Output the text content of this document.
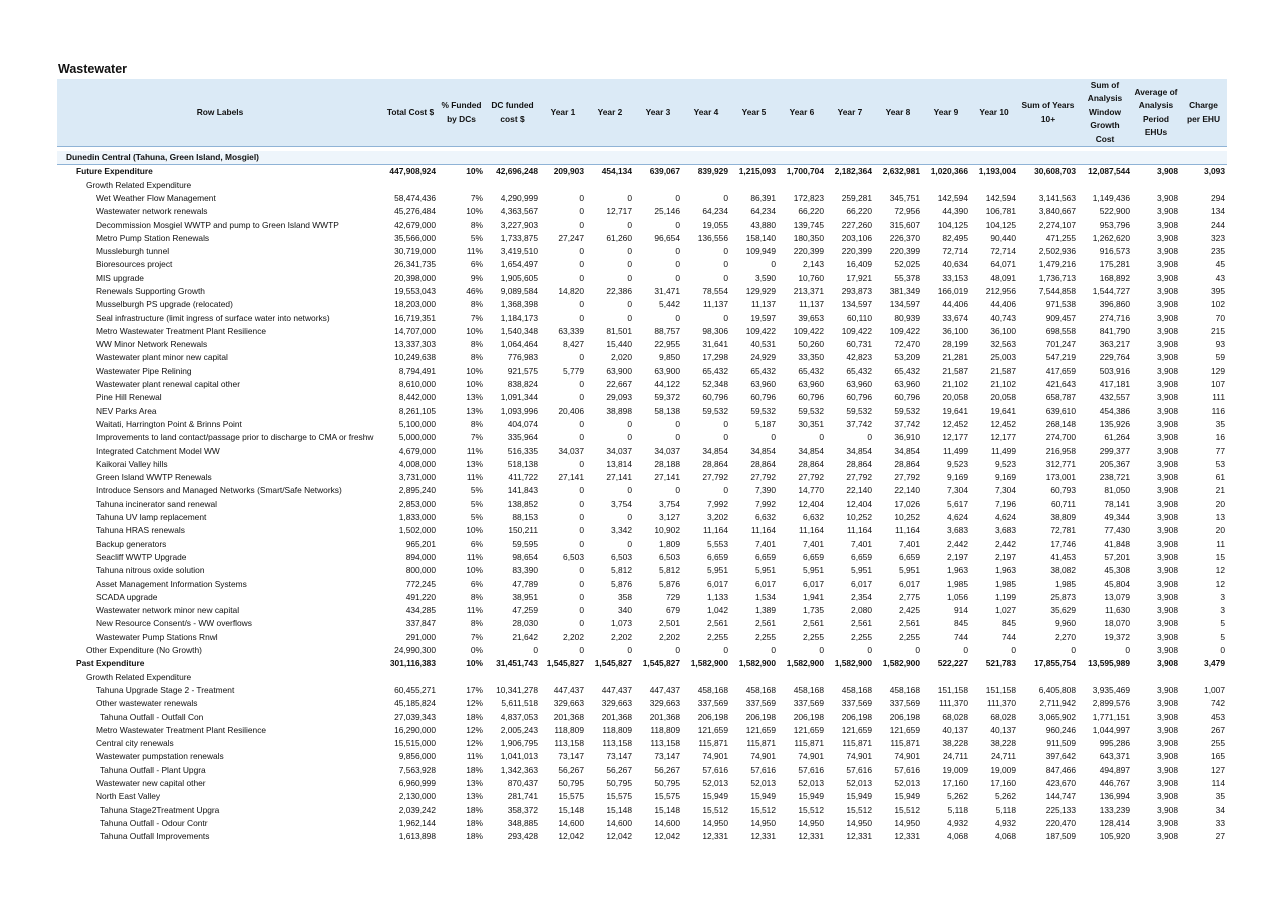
Wastewater
Row Labels	Total Cost $	% Funded by DCs	DC funded cost $	Year 1	Year 2	Year 3	Year 4	Year 5	Year 6	Year 7	Year 8	Year 9	Year 10	Sum of Years 10+	Sum of Analysis Window Growth Cost	Average of Analysis Period EHUs	Charge per EHU

Dunedin Central (Tahuna, Green Island, Mosgiel)																	
Future Expenditure	447,908,924	10%	42,696,248	209,903	454,134	639,067	839,929	1,215,093	1,700,704	2,182,364	2,632,981	1,020,366	1,193,004	30,608,703	12,087,544	3,908	3,093
Growth Related Expenditure																	
Wet Weather Flow Management	58,474,436	7%	4,290,999	0	0	0	0	86,391	172,823	259,281	345,751	142,594	142,594	3,141,563	1,149,436	3,908	294
Wastewater network renewals	45,276,484	10%	4,363,567	0	12,717	25,146	64,234	64,234	66,220	66,220	72,956	44,390	106,781	3,840,667	522,900	3,908	134
Decommission Mosgiel WWTP and pump to Green Island WWTP	42,679,000	8%	3,227,903	0	0	0	19,055	43,880	139,745	227,260	315,607	104,125	104,125	2,274,107	953,796	3,908	244
Metro Pump Station Renewals	35,566,000	5%	1,733,875	27,247	61,260	96,654	136,556	158,140	180,350	203,106	226,370	82,495	90,440	471,255	1,262,620	3,908	323
Mussleburgh tunnel	30,719,000	11%	3,419,510	0	0	0	0	109,949	220,399	220,399	220,399	72,714	72,714	2,502,936	916,573	3,908	235
Bioresources project	26,341,735	6%	1,654,497	0	0	0	0	0	2,143	16,409	52,025	40,634	64,071	1,479,216	175,281	3,908	45
MIS upgrade	20,398,000	9%	1,905,605	0	0	0	0	3,590	10,760	17,921	55,378	33,153	48,091	1,736,713	168,892	3,908	43
Renewals Supporting Growth	19,553,043	46%	9,089,584	14,820	22,386	31,471	78,554	129,929	213,371	293,873	381,349	166,019	212,956	7,544,858	1,544,727	3,908	395
Musselburgh PS upgrade (relocated)	18,203,000	8%	1,368,398	0	0	5,442	11,137	11,137	11,137	134,597	134,597	44,406	44,406	971,538	396,860	3,908	102
Seal infrastructure (limit ingress of surface water into networks)	16,719,351	7%	1,184,173	0	0	0	0	19,597	39,653	60,110	80,939	33,674	40,743	909,457	274,716	3,908	70
Metro Wastewater Treatment Plant Resilience	14,707,000	10%	1,540,348	63,339	81,501	88,757	98,306	109,422	109,422	109,422	109,422	36,100	36,100	698,558	841,790	3,908	215
WW Minor Network Renewals	13,337,303	8%	1,064,464	8,427	15,440	22,955	31,641	40,531	50,260	60,731	72,470	28,199	32,563	701,247	363,217	3,908	93
Wastewater plant minor new capital	10,249,638	8%	776,983	0	2,020	9,850	17,298	24,929	33,350	42,823	53,209	21,281	25,003	547,219	229,764	3,908	59
Wastewater Pipe Relining	8,794,491	10%	921,575	5,779	63,900	63,900	65,432	65,432	65,432	65,432	65,432	21,587	21,587	417,659	503,916	3,908	129
Wastewater plant renewal capital other	8,610,000	10%	838,824	0	22,667	44,122	52,348	63,960	63,960	63,960	63,960	21,102	21,102	421,643	417,181	3,908	107
Pine Hill Renewal	8,442,000	13%	1,091,344	0	29,093	59,372	60,796	60,796	60,796	60,796	60,796	20,058	20,058	658,787	432,557	3,908	111
NEV Parks Area	8,261,105	13%	1,093,996	20,406	38,898	58,138	59,532	59,532	59,532	59,532	59,532	19,641	19,641	639,610	454,386	3,908	116
Waitati, Harrington Point & Brinns Point	5,100,000	8%	404,074	0	0	0	0	5,187	30,351	37,742	37,742	12,452	12,452	268,148	135,926	3,908	35
Improvements to land contact/passage prior to discharge to CMA or freshw	5,000,000	7%	335,964	0	0	0	0	0	0	0	36,910	12,177	12,177	274,700	61,264	3,908	16
Integrated Catchment Model WW	4,679,000	11%	516,335	34,037	34,037	34,037	34,854	34,854	34,854	34,854	34,854	11,499	11,499	216,958	299,377	3,908	77
Kaikorai Valley hills	4,008,000	13%	518,138	0	13,814	28,188	28,864	28,864	28,864	28,864	28,864	9,523	9,523	312,771	205,367	3,908	53
Green Island WWTP Renewals	3,731,000	11%	411,722	27,141	27,141	27,141	27,792	27,792	27,792	27,792	27,792	9,169	9,169	173,001	238,721	3,908	61
Introduce Sensors and Managed Networks (Smart/Safe Networks)	2,895,240	5%	141,843	0	0	0	0	7,390	14,770	22,140	22,140	7,304	7,304	60,793	81,050	3,908	21
Tahuna incinerator sand renewal	2,853,000	5%	138,852	0	3,754	3,754	7,992	7,992	12,404	12,404	17,026	5,617	7,196	60,711	78,141	3,908	20
Tahuna UV lamp replacement	1,833,000	5%	88,153	0	0	3,127	3,202	6,632	6,632	10,252	10,252	4,624	4,624	38,809	49,344	3,908	13
Tahuna HRAS renewals	1,502,000	10%	150,211	0	3,342	10,902	11,164	11,164	11,164	11,164	11,164	3,683	3,683	72,781	77,430	3,908	20
Backup generators	965,201	6%	59,595	0	0	1,809	5,553	7,401	7,401	7,401	7,401	2,442	2,442	17,746	41,848	3,908	11
Seacliff WWTP Upgrade	894,000	11%	98,654	6,503	6,503	6,503	6,659	6,659	6,659	6,659	6,659	2,197	2,197	41,453	57,201	3,908	15
Tahuna nitrous oxide solution	800,000	10%	83,390	0	5,812	5,812	5,951	5,951	5,951	5,951	5,951	1,963	1,963	38,082	45,308	3,908	12
Asset Management Information Systems	772,245	6%	47,789	0	5,876	5,876	6,017	6,017	6,017	6,017	6,017	1,985	1,985	1,985	45,804	3,908	12
SCADA upgrade	491,220	8%	38,951	0	358	729	1,133	1,534	1,941	2,354	2,775	1,056	1,199	25,873	13,079	3,908	3
Wastewater network minor new capital	434,285	11%	47,259	0	340	679	1,042	1,389	1,735	2,080	2,425	914	1,027	35,629	11,630	3,908	3
New Resource Consent/s - WW overflows	337,847	8%	28,030	0	1,073	2,501	2,561	2,561	2,561	2,561	2,561	845	845	9,960	18,070	3,908	5
Wastewater Pump Stations Rnwl	291,000	7%	21,642	2,202	2,202	2,202	2,255	2,255	2,255	2,255	2,255	744	744	2,270	19,372	3,908	5
Other Expenditure (No Growth)	24,990,300	0%	0	0	0	0	0	0	0	0	0	0	0	0	0	3,908	0
Past Expenditure	301,116,383	10%	31,451,743	1,545,827	1,545,827	1,545,827	1,582,900	1,582,900	1,582,900	1,582,900	1,582,900	522,227	521,783	17,855,754	13,595,989	3,908	3,479
Growth Related Expenditure																	
Tahuna Upgrade Stage 2 - Treatment	60,455,271	17%	10,341,278	447,437	447,437	447,437	458,168	458,168	458,168	458,168	458,168	151,158	151,158	6,405,808	3,935,469	3,908	1,007
Other wastewater renewals	45,185,824	12%	5,611,518	329,663	329,663	329,663	337,569	337,569	337,569	337,569	337,569	111,370	111,370	2,711,942	2,899,576	3,908	742
Tahuna Outfall - Outfall Con	27,039,343	18%	4,837,053	201,368	201,368	201,368	206,198	206,198	206,198	206,198	206,198	68,028	68,028	3,065,902	1,771,151	3,908	453
Metro Wastewater Treatment Plant Resilience	16,290,000	12%	2,005,243	118,809	118,809	118,809	121,659	121,659	121,659	121,659	121,659	40,137	40,137	960,246	1,044,997	3,908	267
Central city renewals	15,515,000	12%	1,906,795	113,158	113,158	113,158	115,871	115,871	115,871	115,871	115,871	38,228	38,228	911,509	995,286	3,908	255
Wastewater pumpstation renewals	9,856,000	11%	1,041,013	73,147	73,147	73,147	74,901	74,901	74,901	74,901	74,901	24,711	24,711	397,642	643,371	3,908	165
Tahuna Outfall - Plant Upgra	7,563,928	18%	1,342,363	56,267	56,267	56,267	57,616	57,616	57,616	57,616	57,616	19,009	19,009	847,466	494,897	3,908	127
Wastewater new capital other	6,960,999	13%	870,437	50,795	50,795	50,795	52,013	52,013	52,013	52,013	52,013	17,160	17,160	423,670	446,767	3,908	114
North East Valley	2,130,000	13%	281,741	15,575	15,575	15,575	15,949	15,949	15,949	15,949	15,949	5,262	5,262	144,747	136,994	3,908	35
Tahuna Stage2Treatment Upgra	2,039,242	18%	358,372	15,148	15,148	15,148	15,512	15,512	15,512	15,512	15,512	5,118	5,118	225,133	133,239	3,908	34
Tahuna Outfall - Odour Contr	1,962,144	18%	348,885	14,600	14,600	14,600	14,950	14,950	14,950	14,950	14,950	4,932	4,932	220,470	128,414	3,908	33
Tahuna Outfall Improvements	1,613,898	18%	293,428	12,042	12,042	12,042	12,331	12,331	12,331	12,331	12,331	4,068	4,068	187,509	105,920	3,908	27
